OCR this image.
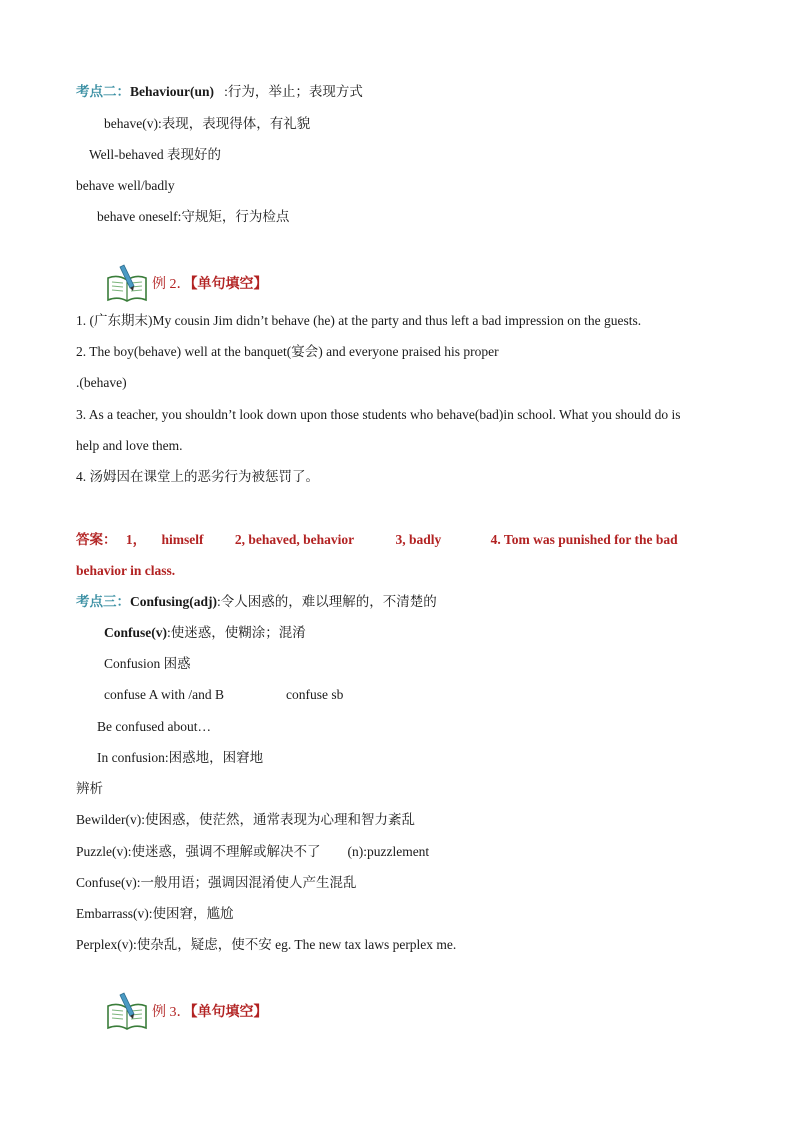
考点二：Behaviour(un) :行为，举止；表现方式
behave(v):表现，表现得体，有礼貌
Well-behaved 表现好的
behave well/badly
behave oneself:守规矩，行为检点
例 2．【单句填空】
1. (广东期末)My cousin Jim didn’t behave (he) at the party and thus left a bad impression on the guests.
2. The boy(behave) well at the banquet(宴会) and everyone praised his proper
.(behave)
3. As a teacher, you shouldn’t look down upon those students who behave(bad)in school. What you should do is
help and love them.
4. 汤姆因在课堂上的恶劣行为被惩罚了。
答案： 1， himself 2, behaved, behavior	3, badly	4. Tom was punished for the bad
behavior in class.
考点三：Confusing(adj):令人困惑的，难以理解的，不清楚的
Confuse(v):使迷惑，使糊涂；混淆
Confusion 困惑
confuse A with /and B	confuse sb
Be confused about…
In confusion:困惑地，困窘地
辨析
Bewilder(v):使困惑，使茫然，通常表现为心理和智力紊乱
Puzzle(v):使迷惑，强调不理解或解决不了        (n):puzzlement
Confuse(v):一般用语；强调因混淆使人产生混乱
Embarrass(v):使困窘，尴尬
Perplex(v):使杂乱，疑虑，使不安 eg. The new tax laws perplex me.
例 3．【单句填空】
